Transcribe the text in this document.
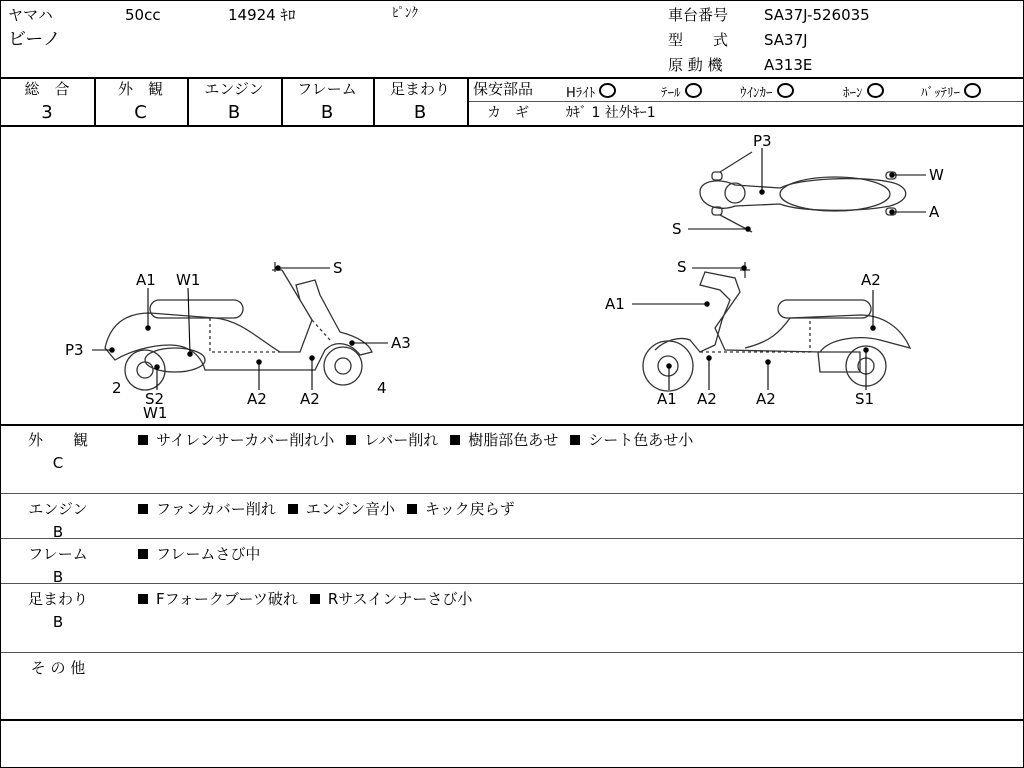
ヤマハ	50cc	14924 ｷﾛ	ﾋﾟﾝｸ
ビーノ
車台番号 SA37J-526035
型　　式 SA37J
原 動 機	A313E
総　合
3
外　観
C
エンジン
B
フレーム
B
足まわり
B
保安部品	Hﾗｲﾄ	ﾃｰﾙ	ｳｲﾝｶｰ	ﾎｰﾝ	ﾊﾞｯﾃﾘｰ
カ　ギ	ｶｷﾞ 1 社外ｷｰ1
A1 W1
S
P3	A3
2
S2
W1
A2 A2
4
S
A1
A2
A1 A2	A2	S1
P3
W
A
S
外　　観
C
サイレンサーカバー削れ小 レバー削れ 樹脂部色あせ シート色あせ小
エンジン
B
ファンカバー削れ エンジン音小 キック戻らず
フレーム
B
フレームさび中
足まわり
B
Fフォークブーツ破れ Rサスインナーさび小
そ の 他
